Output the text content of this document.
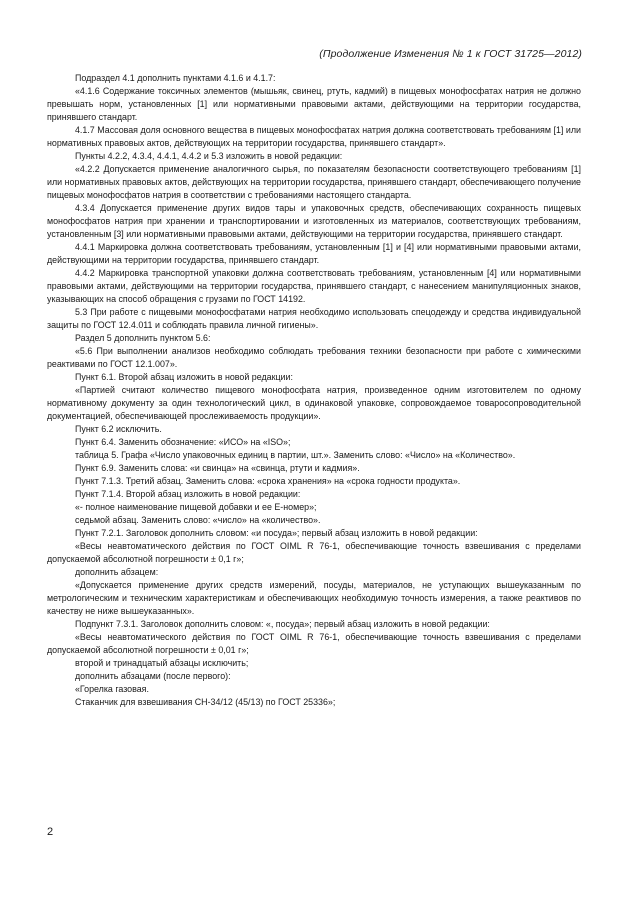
(Продолжение Изменения № 1 к ГОСТ 31725—2012)

Подраздел 4.1 дополнить пунктами 4.1.6 и 4.1.7:

«4.1.6 Содержание токсичных элементов (мышьяк, свинец, ртуть, кадмий) в пищевых монофосфатах натрия не должно превышать норм, установленных [1] или нормативными правовыми актами, действующими на территории государства, принявшего стандарт.

4.1.7 Массовая доля основного вещества в пищевых монофосфатах натрия должна соответствовать требованиям [1] или нормативных правовых актов, действующих на территории государства, принявшего стандарт».

Пункты 4.2.2, 4.3.4, 4.4.1, 4.4.2 и 5.3 изложить в новой редакции:

«4.2.2 Допускается применение аналогичного сырья, по показателям безопасности соответствующего требованиям [1] или нормативных правовых актов, действующих на территории государства, принявшего стандарт, обеспечивающего получение пищевых монофосфатов натрия в соответствии с требованиями настоящего стандарта.

4.3.4 Допускается применение других видов тары и упаковочных средств, обеспечивающих сохранность пищевых монофосфатов натрия при хранении и транспортировании и изготовленных из материалов, соответствующих требованиям, установленным [3] или нормативными правовыми актами, действующими на территории государства, принявшего стандарт.

4.4.1 Маркировка должна соответствовать требованиям, установленным [1] и [4] или нормативными правовыми актами, действующими на территории государства, принявшего стандарт.

4.4.2 Маркировка транспортной упаковки должна соответствовать требованиям, установленным [4] или нормативными правовыми актами, действующими на территории государства, принявшего стандарт, с нанесением манипуляционных знаков, указывающих на способ обращения с грузами по ГОСТ 14192.

5.3 При работе с пищевыми монофосфатами натрия необходимо использовать спецодежду и средства индивидуальной защиты по ГОСТ 12.4.011 и соблюдать правила личной гигиены».

Раздел 5 дополнить пунктом 5.6:

«5.6 При выполнении анализов необходимо соблюдать требования техники безопасности при работе с химическими реактивами по ГОСТ 12.1.007».

Пункт 6.1. Второй абзац изложить в новой редакции:

«Партией считают количество пищевого монофосфата натрия, произведенное одним изготовителем по одному нормативному документу за один технологический цикл, в одинаковой упаковке, сопровождаемое товаросопроводительной документацией, обеспечивающей прослеживаемость продукции».

Пункт 6.2 исключить.

Пункт 6.4. Заменить обозначение: «ИСО» на «ISO»;

таблица 5. Графа «Число упаковочных единиц в партии, шт.». Заменить слово: «Число» на «Количество».

Пункт 6.9. Заменить слова: «и свинца» на «свинца, ртути и кадмия».

Пункт 7.1.3. Третий абзац. Заменить слова: «срока хранения» на «срока годности продукта».

Пункт 7.1.4. Второй абзац изложить в новой редакции:

«- полное наименование пищевой добавки и ее Е-номер»;

седьмой абзац. Заменить слово: «число» на «количество».

Пункт 7.2.1. Заголовок дополнить словом: «и посуда»; первый абзац изложить в новой редакции:

«Весы неавтоматического действия по ГОСТ OIML R 76-1, обеспечивающие точность взвешивания с пределами допускаемой абсолютной погрешности ± 0,1 г»;

дополнить абзацем:

«Допускается применение других средств измерений, посуды, материалов, не уступающих вышеуказанным по метрологическим и техническим характеристикам и обеспечивающих необходимую точность измерения, а также реактивов по качеству не ниже вышеуказанных».

Подпункт 7.3.1. Заголовок дополнить словом: «, посуда»; первый абзац изложить в новой редакции:

«Весы неавтоматического действия по ГОСТ OIML R 76-1, обеспечивающие точность взвешивания с пределами допускаемой абсолютной погрешности ± 0,01 г»;

второй и тринадцатый абзацы исключить;

дополнить абзацами (после первого):

«Горелка газовая.

Стаканчик для взвешивания СН-34/12 (45/13) по ГОСТ 25336»;

2
